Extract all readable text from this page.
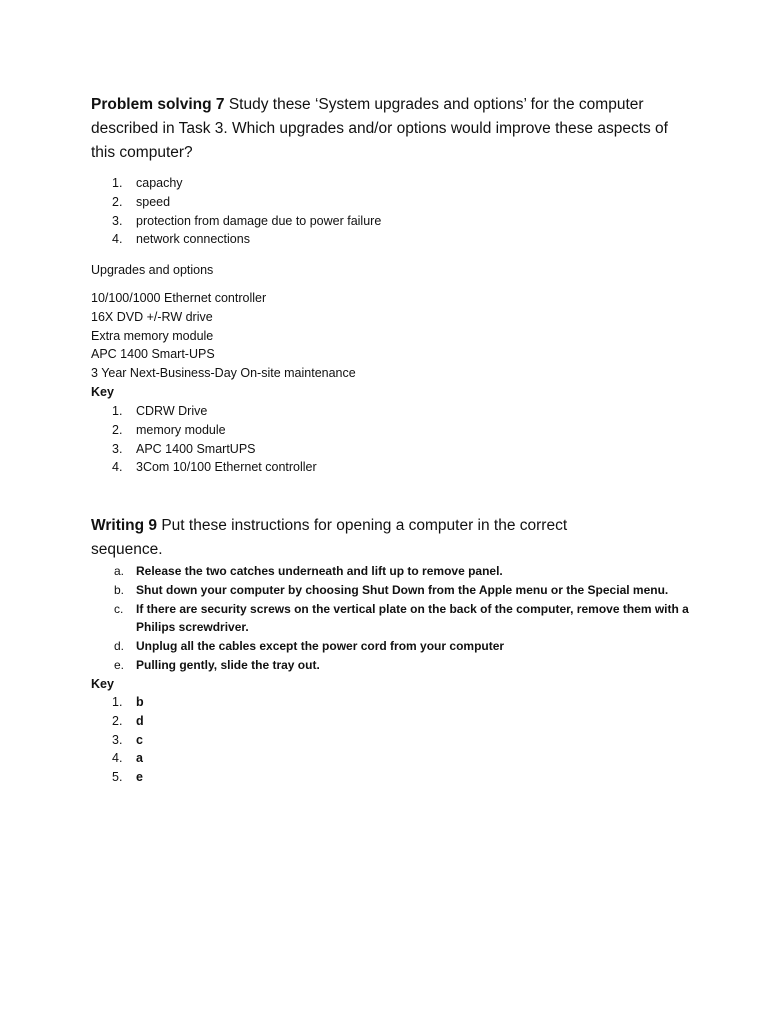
Problem solving 7 Study these ‘System upgrades and options’ for the computer described in Task 3. Which upgrades and/or options would improve these aspects of this computer?

1. capachy
2. speed
3. protection from damage due to power failure
4. network connections

Upgrades and options

10/100/1000 Ethernet controller
16X DVD +/-RW drive
Extra memory module
APC 1400 Smart-UPS
3 Year Next-Business-Day On-site maintenance

Key

1. CDRW Drive
2. memory module
3. APC 1400 SmartUPS
4. 3Com 10/100 Ethernet controller

Writing 9 Put these instructions for opening a computer in the correct sequence.

a. Release the two catches underneath and lift up to remove panel.
b. Shut down your computer by choosing Shut Down from the Apple menu or the Special menu.
c. If there are security screws on the vertical plate on the back of the computer, remove them with a Philips screwdriver.
d. Unplug all the cables except the power cord from your computer
e. Pulling gently, slide the tray out.

Key

1. b
2. d
3. c
4. a
5. e
